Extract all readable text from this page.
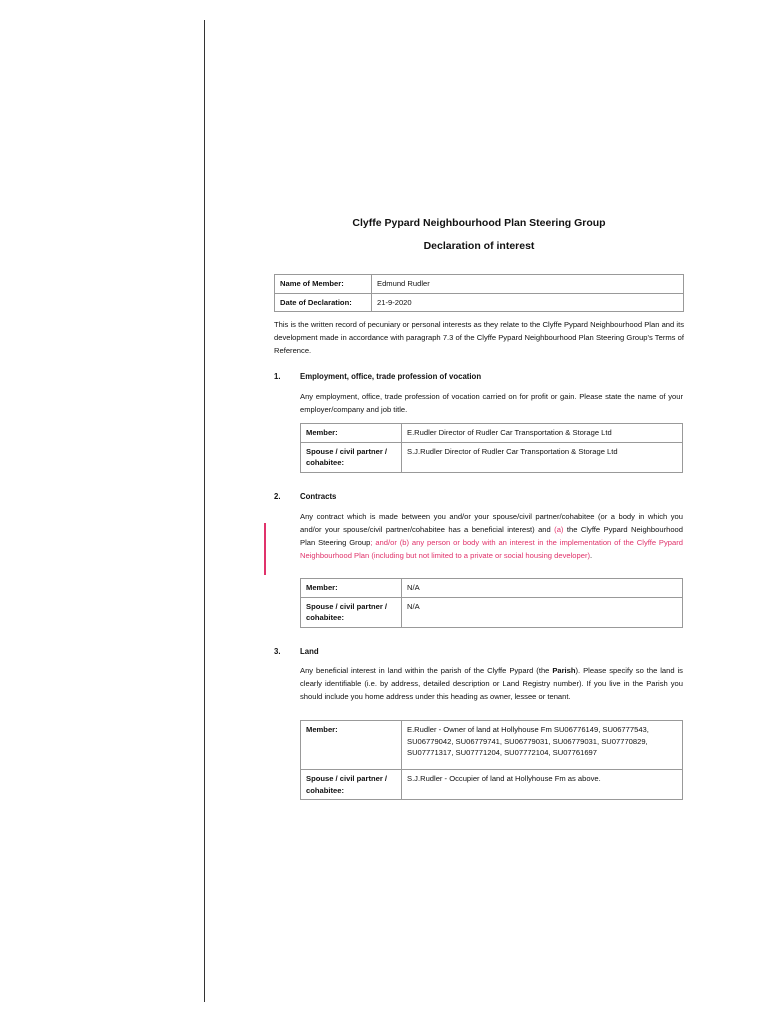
Clyffe Pypard Neighbourhood Plan Steering Group
Declaration of interest
Name of Member:	Edmund Rudler
Date of Declaration:	21-9-2020

This is the written record of pecuniary or personal interests as they relate to the Clyffe Pypard Neighbourhood Plan and its development made in accordance with paragraph 7.3 of the Clyffe Pypard Neighbourhood Plan Steering Group's Terms of Reference.

1. Employment, office, trade profession of vocation

Any employment, office, trade profession of vocation carried on for profit or gain. Please state the name of your employer/company and job title.

Member:	E.Rudler Director of Rudler Car Transportation & Storage Ltd
Spouse / civil partner / cohabitee:	S.J.Rudler Director of Rudler Car Transportation & Storage Ltd
2. Contracts

Any contract which is made between you and/or your spouse/civil partner/cohabitee (or a body in which you and/or your spouse/civil partner/cohabitee has a beneficial interest) and (a) the Clyffe Pypard Neighbourhood Plan Steering Group; and/or (b) any person or body with an interest in the implementation of the Clyffe Pypard Neighbourhood Plan (including but not limited to a private or social housing developer).

Member:	N/A
Spouse / civil partner / cohabitee:	N/A
3. Land

Any beneficial interest in land within the parish of the Clyffe Pypard (the Parish). Please specify so the land is clearly identifiable (i.e. by address, detailed description or Land Registry number). If you live in the Parish you should include you home address under this heading as owner, lessee or tenant.

Member:	E.Rudler - Owner of land at Hollyhouse Fm SU06776149, SU06777543, SU06779042, SU06779741, SU06779031, SU06779031, SU07770829, SU07771317, SU07771204, SU07772104, SU07761697
Spouse / civil partner / cohabitee:	S.J.Rudler - Occupier of land at Hollyhouse Fm as above.
